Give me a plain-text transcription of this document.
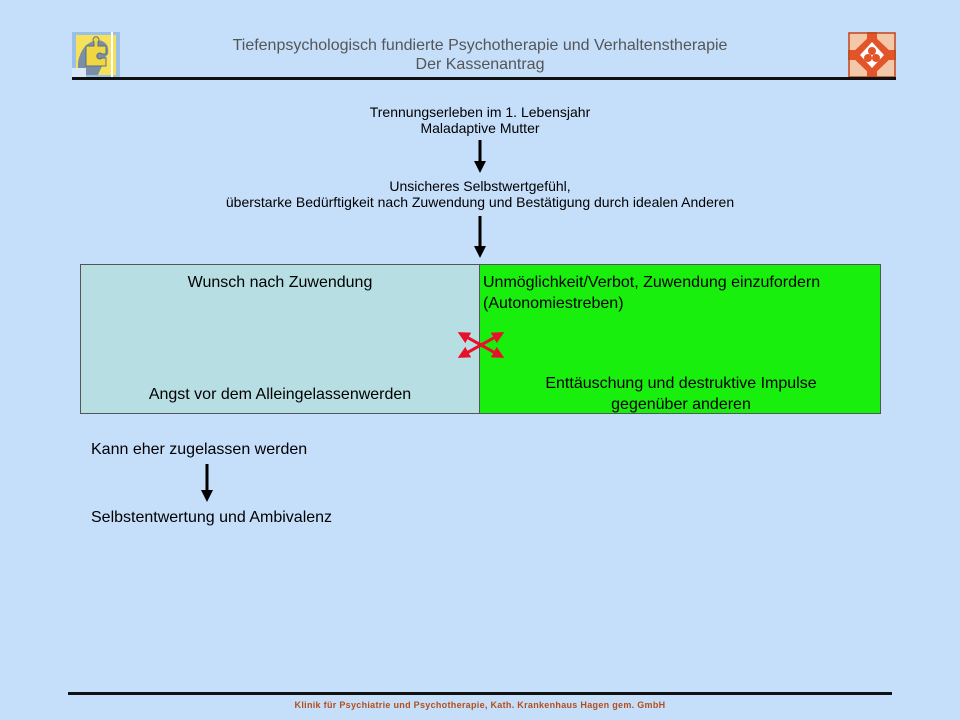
Tiefenpsychologisch fundierte Psychotherapie und Verhaltenstherapie
Der Kassenantrag
Trennungserleben im 1. Lebensjahr
Maladaptive Mutter
Unsicheres Selbstwertgefühl,
überstarke Bedürftigkeit nach Zuwendung und Bestätigung durch idealen Anderen
Wunsch nach Zuwendung
Angst vor dem Alleingelassenwerden
Unmöglichkeit/Verbot, Zuwendung einzufordern
(Autonomiestreben)
Enttäuschung und destruktive Impulse
gegenüber anderen
Kann eher zugelassen werden
Selbstentwertung und Ambivalenz
Klinik für Psychiatrie und Psychotherapie, Kath. Krankenhaus Hagen gem. GmbH
